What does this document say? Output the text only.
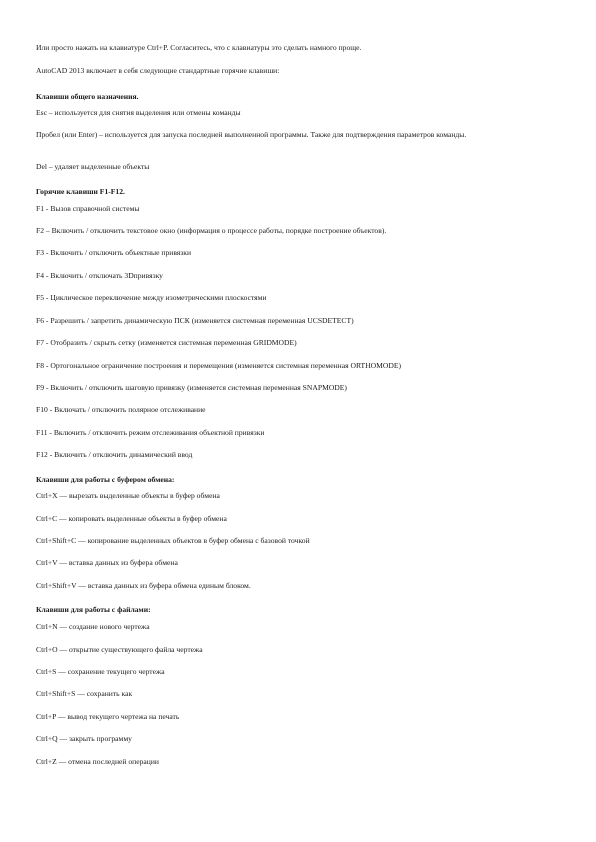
Или просто нажать на клавиатуре Ctrl+P. Согласитесь, что с клавиатуры это сделать намного проще.
AutoCAD 2013 включает в себя следующие стандартные горячие клавиши:
Клавиши общего назначения.
Esc – используется для снятия выделения или отмены команды
Пробел (или Enter) – используется для запуска последней выполненной программы. Также для подтверждения параметров команды.
Del – удаляет выделенные объекты
Горячие клавиши F1-F12.
F1 - Вызов справочной системы
F2 – Включить / отключить текстовое окно (информация о процессе работы, порядке построение объектов).
F3 - Включить / отключить объектные привязки
F4 - Включить / отключать 3Dпривязку
F5 - Циклическое переключение между изометрическими плоскостями
F6 - Разрешить / запретить динамическую ПСК (изменяется системная переменная UCSDETECT)
F7 - Отобразить / скрыть сетку (изменяется системная переменная GRIDMODE)
F8 - Ортогональное ограничение построения и перемещения (изменяется системная переменная ORTHOMODE)
F9 - Включить / отключить шаговую привязку (изменяется системная переменная SNAPMODE)
F10 - Включать / отключить полярное отслеживание
F11 - Включить / отключить режим отслеживания объектной привязки
F12 - Включить / отключить динамический ввод
Клавиши для работы с буфером обмена:
Ctrl+X — вырезать выделенные объекты в буфер обмена
Ctrl+C — копировать выделенные объекты в буфер обмена
Ctrl+Shift+C — копирование выделенных объектов в буфер обмена с базовой точкой
Ctrl+V — вставка данных из буфера обмена
Ctrl+Shift+V — вставка данных из буфера обмена единым блоком.
Клавиши для работы с файлами:
Ctrl+N — создание нового чертежа
Ctrl+O — открытие существующего файла чертежа
Ctrl+S — сохранение текущего чертежа
Ctrl+Shift+S — сохранить как
Ctrl+P — вывод текущего чертежа на печать
Ctrl+Q — закрыть программу
Ctrl+Z — отмена последней операции
